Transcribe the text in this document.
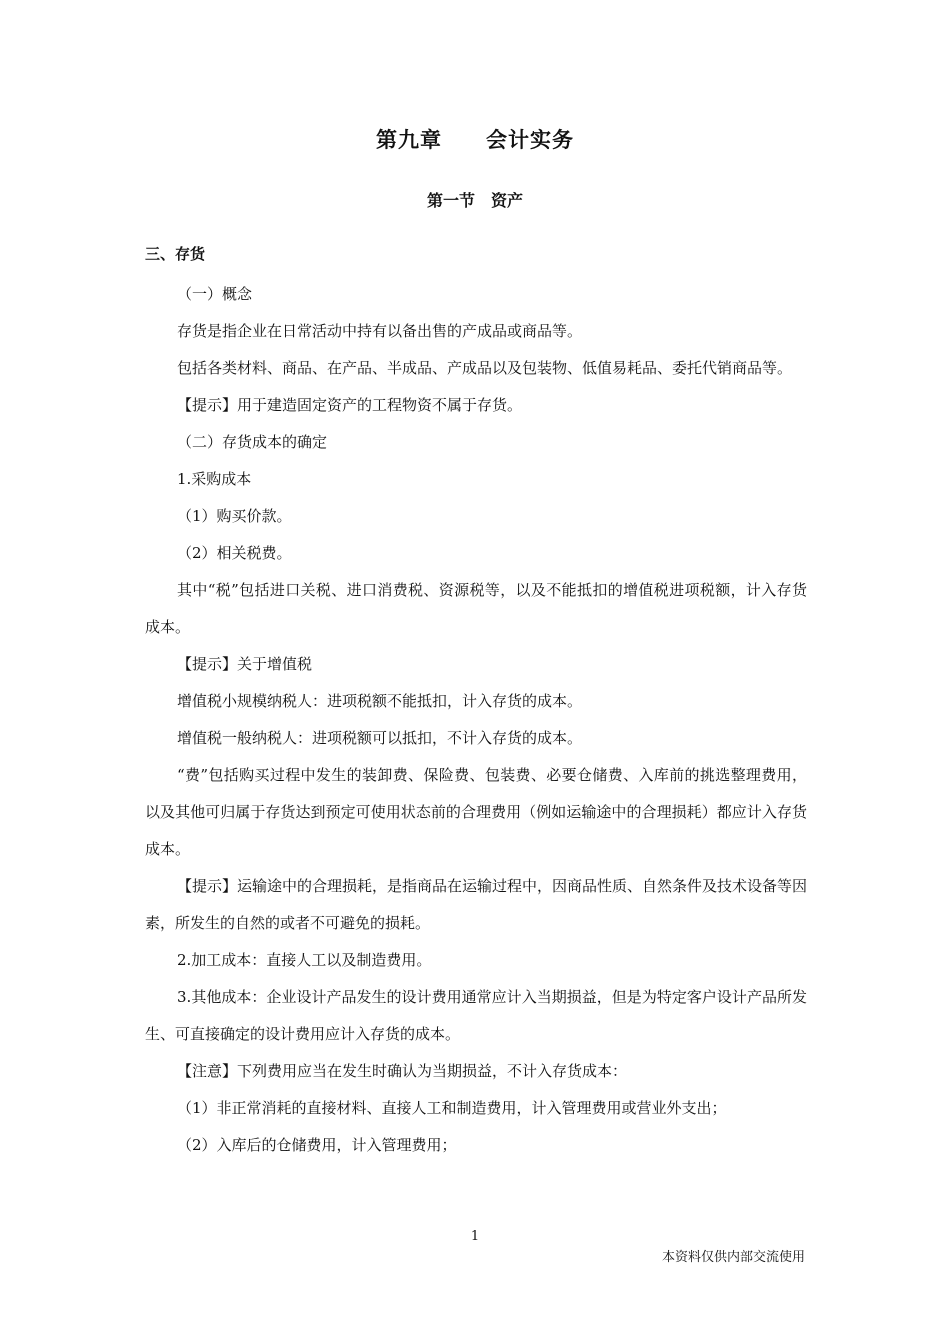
第九章　　会计实务
第一节　资产
三、存货

（一）概念

存货是指企业在日常活动中持有以备出售的产成品或商品等。

包括各类材料、商品、在产品、半成品、产成品以及包装物、低值易耗品、委托代销商品等。

【提示】用于建造固定资产的工程物资不属于存货。

（二）存货成本的确定

1.采购成本

（1）购买价款。

（2）相关税费。

其中“税”包括进口关税、进口消费税、资源税等，以及不能抵扣的增值税进项税额，计入存货成本。

【提示】关于增值税

增值税小规模纳税人：进项税额不能抵扣，计入存货的成本。

增值税一般纳税人：进项税额可以抵扣，不计入存货的成本。

“费”包括购买过程中发生的装卸费、保险费、包装费、必要仓储费、入库前的挑选整理费用，以及其他可归属于存货达到预定可使用状态前的合理费用（例如运输途中的合理损耗）都应计入存货成本。

【提示】运输途中的合理损耗，是指商品在运输过程中，因商品性质、自然条件及技术设备等因素，所发生的自然的或者不可避免的损耗。

2.加工成本：直接人工以及制造费用。

3.其他成本：企业设计产品发生的设计费用通常应计入当期损益，但是为特定客户设计产品所发生、可直接确定的设计费用应计入存货的成本。

【注意】下列费用应当在发生时确认为当期损益，不计入存货成本：

（1）非正常消耗的直接材料、直接人工和制造费用，计入管理费用或营业外支出；

（2）入库后的仓储费用，计入管理费用；

1
本资料仅供内部交流使用
